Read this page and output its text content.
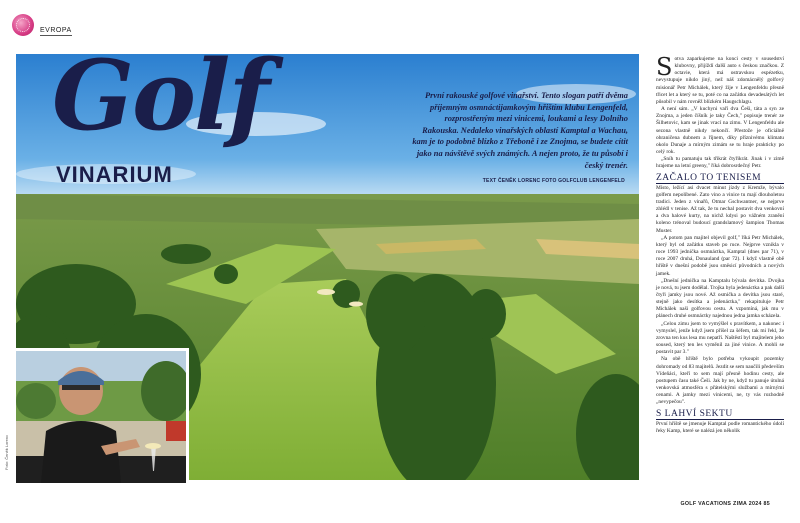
EVROPA
Golf
VINARIUM
První rakouské golfové vinařství. Tento slogan patří dvěma příjemným osmnáctijamkovým hřištím klubu Lengenfeld, rozprostřeným mezi vinicemi, loukami a lesy Dolního Rakouska. Nedaleko vinařských oblastí Kamptal a Wachau, kam je to podobně blízko z Třeboně i ze Znojma, se budete cítit jako na návštěvě svých známých. A nejen proto, že tu působí i český trenér.
TEXT ČENĚK LORENC FOTO GOLFCLUB LENGENFELD
Trenér Petr Michálek	Hřiště Donauland v sousedství vinic
Foto: Čeněk Lorenc

Sotva zaparkujeme na konci cesty v sousedství klubovny, přijíždí další auto s českou značkou. Z octavie, která má ostravskou espézetku, nevystupuje nikdo jiný, než náš zdomácnělý golfový misionář Petr Michálek, který žije v Lengenfeldu přesně třicet let a který se tu, poté co na začátku devadesátých let působil v nám rovněž blízkém Haugschlagu.

A není sám. „V kuchyni vaří dva Češi, táta a syn ze Znojma, a jeden číšník je taky Čech," popisuje trenér ze Šilhetovic, kam se jinak vrací na zimu. V Lengenfeldu ale sezona vlastně nikdy nekončí. Přestože je oficiálně ohraničena dubnem a říjnem, díky příznivému klimatu okolo Dunaje a mírným zimám se tu hraje prakticky po celý rok.

„Sníh tu pamatuju tak třikrát čtyřikrát. Jinak i v zimě hrajeme na letní greeny," říká dobrosrdečný Petr.

ZAČALO TO TENISEM

Místo, ležící asi dvacet minut jízdy z Kremže, bývalo golfem nepolíbené. Zato vino a vinice tu mají dlouholetou tradici. Jeden z vinařů, Otmar Gschwantner, se nejprve zhlédl v tenise. Až tak, že tu nechal postavit dva venkovní a dva halové kurty, na nichž kdysi po vážném zranění koleno trénoval budoucí grandslamový šampion Thomas Muster.

„A potom pan majitel objevil golf," říká Petr Michálek, který byl od začátku staveb po ruce. Nejprve vznikla v roce 1993 jednička osmnáctka, Kamptal (dnes par 71), v roce 2007 druhá, Donauland (par 72). I když vlastně obě hřiště v dnešní podobě jsou směsicí původních a nových jamek.

„Dnešní jednička na Kamptalu bývala devítka. Dvojka je nová, tu jsem dodělal. Trojka byla jedenáctka a pak další čtyři jamky jsou nové. Až osmička a devítka jsou staré, stejně jako desítka a jedenáctka," rekapituluje Petr Michálek naši golfovou cestu. A vzpomíná, jak mu v plánech druhé osmnáctky najednou jedna jamka scházela.

„Celou zimu jsem to vymýšlel s pravítkem, a nakonec i vymyslel, jenže když jsem přišel za šéfem, tak mi řekl, že zrovna ten kus lesa mu nepatří. Naštěstí byl majitelem jeho soused, který ten les vyměnil za jiné vinice. A mohli se postavit par 3."

Na obě hřiště bylo potřeba vykoupit pozemky dohromady od 83 majitelů. Jezdit se sem naučili především Vídeňáci, kteří to sem mají přesně hodinu cesty, ale postupem času také Češi. Jak by ne, když tu panuje útulná venkovská atmosféra s přátelskými službami a mírnými cenami. A jamky mezi vinicemi, ne, ty vás rozhodně „nevypečou".

S LAHVÍ SEKTU

První hřiště se jmenuje Kamptal podle romantického údolí řeky Kamp, které se nalézá jen několik

GOLF VACATIONS ZIMA 2024 85
